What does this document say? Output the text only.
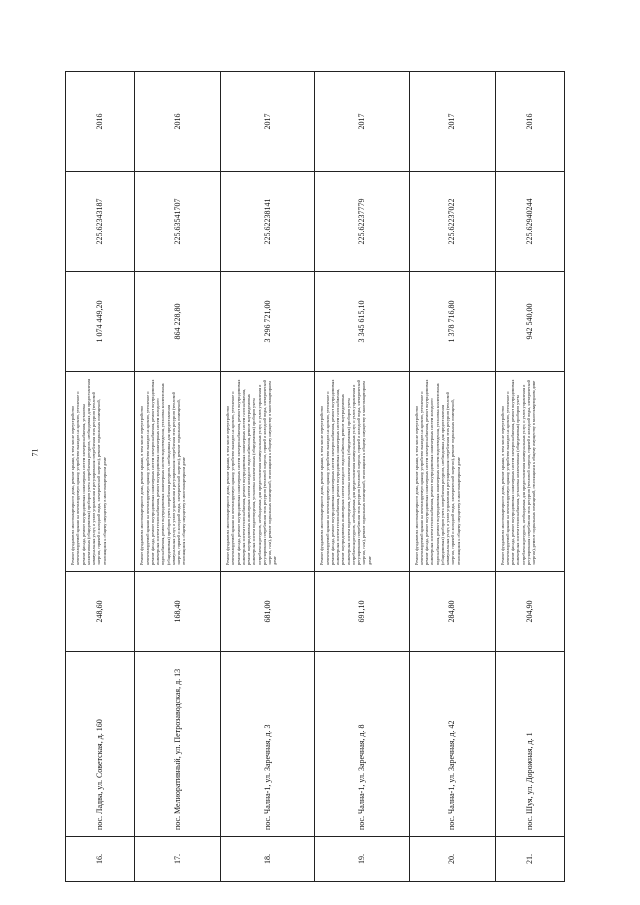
71
16.	пос. Ладва, ул. Советская, д. 160	248,60	Ремонт фундамента многоквартирного дома, ремонт крыши, в том числе переустройство невентилируемой крыши на вентилируемую крышу, устройство выходов на кровлю, утепление и ремонт фасада, ремонт внутридомовых инженерных систем электроснабжения, установка коллективных (общедомовых) приборов учета потребления ресурсов, необходимых для предоставления коммунальных услуг, и узлов управления и регулирования потребления этих ресурсов (тепловой энергии, горячей и холодной воды, электрической энергии), ремонт подвальных помещений, относящихся к общему имуществу в многоквартирном доме	1 074 449,20	225.62343187	2016
17.	пос. Мелиоративный, ул. Петрозаводская, д. 13	168,40	Ремонт фундамента многоквартирного дома, ремонт крыши, в том числе переустройство невентилируемой крыши на вентилируемую крышу, устройство выходов на кровлю, утепление и ремонт фасада, ремонт внутридомовых инженерных систем электроснабжения, ремонт внутридомовых инженерных систем теплоснабжения, ремонт внутридомовых инженерных систем холодного водоснабжения, ремонт внутридомовых инженерных систем водоотведения, установка коллективных (общедомовых) приборов учета потребления ресурсов, необходимых для предоставления коммунальных услуг, и узлов управления и регулирования потребления этих ресурсов (тепловой энергии, горячей и холодной воды, электрической энергии), ремонт подвальных помещений, относящихся к общему имуществу в многоквартирном доме	864 228,80	225.63541707	2016
18.	пос. Чална-1, ул. Заречная, д. 3	681,00	Ремонт фундамента многоквартирного дома, ремонт крыши, в том числе переустройство невентилируемой крыши на вентилируемую крышу, устройство выходов на кровлю, утепление и ремонт фасада, ремонт внутридомовых инженерных систем электроснабжения, ремонт внутридомовых инженерных систем теплоснабжения, ремонт внутридомовых инженерных систем газоснабжения, ремонт внутридомовых инженерных систем холодного водоснабжения, ремонт внутридомовых инженерных систем водоотведения, установка коллективных (общедомовых) приборов учета потребления ресурсов, необходимых для предоставления коммунальных услуг, и узлов управления и регулирования потребления этих ресурсов (тепловой энергии, горячей и холодной воды, электрической энергии, газа), ремонт подвальных помещений, относящихся к общему имуществу в многоквартирном доме	3 296 721,00	225.62238141	2017
19.	пос. Чална-1, ул. Заречная, д. 8	691,10	Ремонт фундамента многоквартирного дома, ремонт крыши, в том числе переустройство невентилируемой крыши на вентилируемую крышу, устройство выходов на кровлю, утепление и ремонт фасада, ремонт внутридомовых инженерных систем электроснабжения, ремонт внутридомовых инженерных систем теплоснабжения, ремонт внутридомовых инженерных систем газоснабжения, ремонт внутридомовых инженерных систем холодного водоснабжения, ремонт внутридомовых инженерных систем водоотведения, установка коллективных (общедомовых) приборов учета потребления ресурсов, необходимых для предоставления коммунальных услуг, и узлов управления и регулирования потребления этих ресурсов (тепловой энергии, горячей и холодной воды, электрической энергии, газа), ремонт подвальных помещений, относящихся к общему имуществу в многоквартирном доме	3 345 615,10	225.62237779	2017
20.	пос. Чална-1, ул. Заречная, д. 42	284,80	Ремонт фундамента многоквартирного дома, ремонт крыши, в том числе переустройство невентилируемой крыши на вентилируемую крышу, устройство выходов на кровлю, утепление и ремонт фасада, ремонт внутридомовых инженерных систем электроснабжения, ремонт внутридомовых инженерных систем теплоснабжения, ремонт внутридомовых инженерных систем холодного водоснабжения, ремонт внутридомовых инженерных систем водоотведения, установка коллективных (общедомовых) приборов учета потребления ресурсов, необходимых для предоставления коммунальных услуг, и узлов управления и регулирования потребления этих ресурсов (тепловой энергии, горячей и холодной воды, электрической энергии), ремонт подвальных помещений, относящихся к общему имуществу в многоквартирном доме	1 378 716,80	225.62237022	2017
21.	пос. Шуя, ул. Дорожная, д. 1	204,90	Ремонт фундамента многоквартирного дома, ремонт крыши, в том числе переустройство невентилируемой крыши на вентилируемую крышу, устройство выходов на кровлю, утепление и ремонт фасада, ремонт внутридомовых инженерных систем электроснабжения, ремонт внутридомовых инженерных систем теплоснабжения, установка коллективных (общедомовых) приборов учета потребления ресурсов, необходимых для предоставления коммунальных услуг, и узлов управления и регулирования потребления этих ресурсов (тепловой энергии, горячей и холодной воды, электрической энергии), ремонт подвальных помещений, относящихся к общему имуществу в многоквартирном доме	942 540,00	225.62940244	2016
